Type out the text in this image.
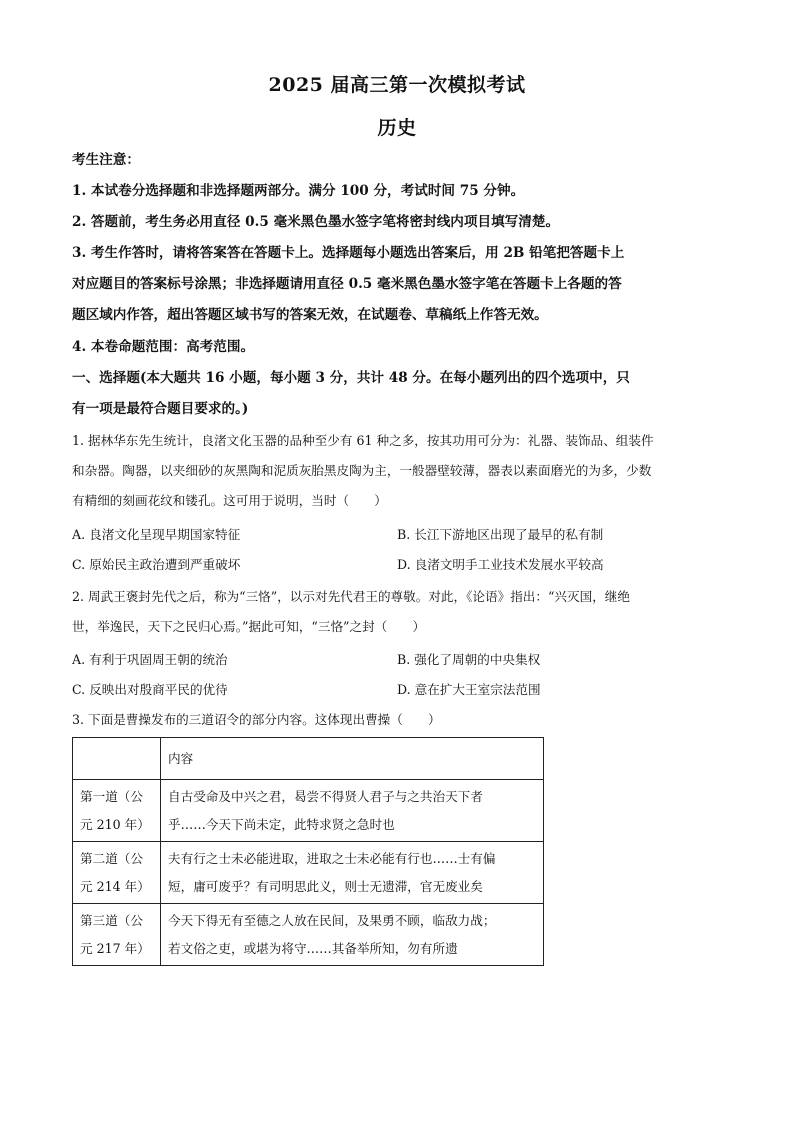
2025 届高三第一次模拟考试
历史
考生注意：
1. 本试卷分选择题和非选择题两部分。满分 100 分，考试时间 75 分钟。
2. 答题前，考生务必用直径 0.5 毫米黑色墨水签字笔将密封线内项目填写清楚。
3. 考生作答时，请将答案答在答题卡上。选择题每小题选出答案后，用 2B 铅笔把答题卡上
对应题目的答案标号涂黑；非选择题请用直径 0.5 毫米黑色墨水签字笔在答题卡上各题的答
题区域内作答，超出答题区域书写的答案无效，在试题卷、草稿纸上作答无效。
4. 本卷命题范围：高考范围。
一、选择题(本大题共 16 小题，每小题 3 分，共计 48 分。在每小题列出的四个选项中，只
有一项是最符合题目要求的。)
1. 据林华东先生统计，良渚文化玉器的品种至少有 61 种之多，按其功用可分为：礼器、装饰品、组装件
和杂器。陶器，以夹细砂的灰黑陶和泥质灰胎黑皮陶为主，一般器壁较薄，器表以素面磨光的为多，少数
有精细的刻画花纹和镂孔。这可用于说明，当时（　　）
A. 良渚文化呈现早期国家特征	B. 长江下游地区出现了最早的私有制
C. 原始民主政治遭到严重破坏	D. 良渚文明手工业技术发展水平较高
2. 周武王褒封先代之后，称为“三恪”，以示对先代君王的尊敬。对此，《论语》指出：“兴灭国，继绝
世，举逸民，天下之民归心焉。”据此可知，“三恪”之封（　　）
A. 有利于巩固周王朝的统治	B. 强化了周朝的中央集权
C. 反映出对殷商平民的优待	D. 意在扩大王室宗法范围
3. 下面是曹操发布的三道诏令的部分内容。这体现出曹操（　　）
	内容

第一道（公
元 210 年）	自古受命及中兴之君，曷尝不得贤人君子与之共治天下者
乎……今天下尚未定，此特求贤之急时也

第二道（公
元 214 年）	夫有行之士未必能进取，进取之士未必能有行也……士有偏
短，庸可废乎？有司明思此义，则士无遗滞，官无废业矣

第三道（公
元 217 年）	今天下得无有至德之人放在民间，及果勇不顾，临敌力战；
若文俗之吏，或堪为将守……其备举所知，勿有所遗
